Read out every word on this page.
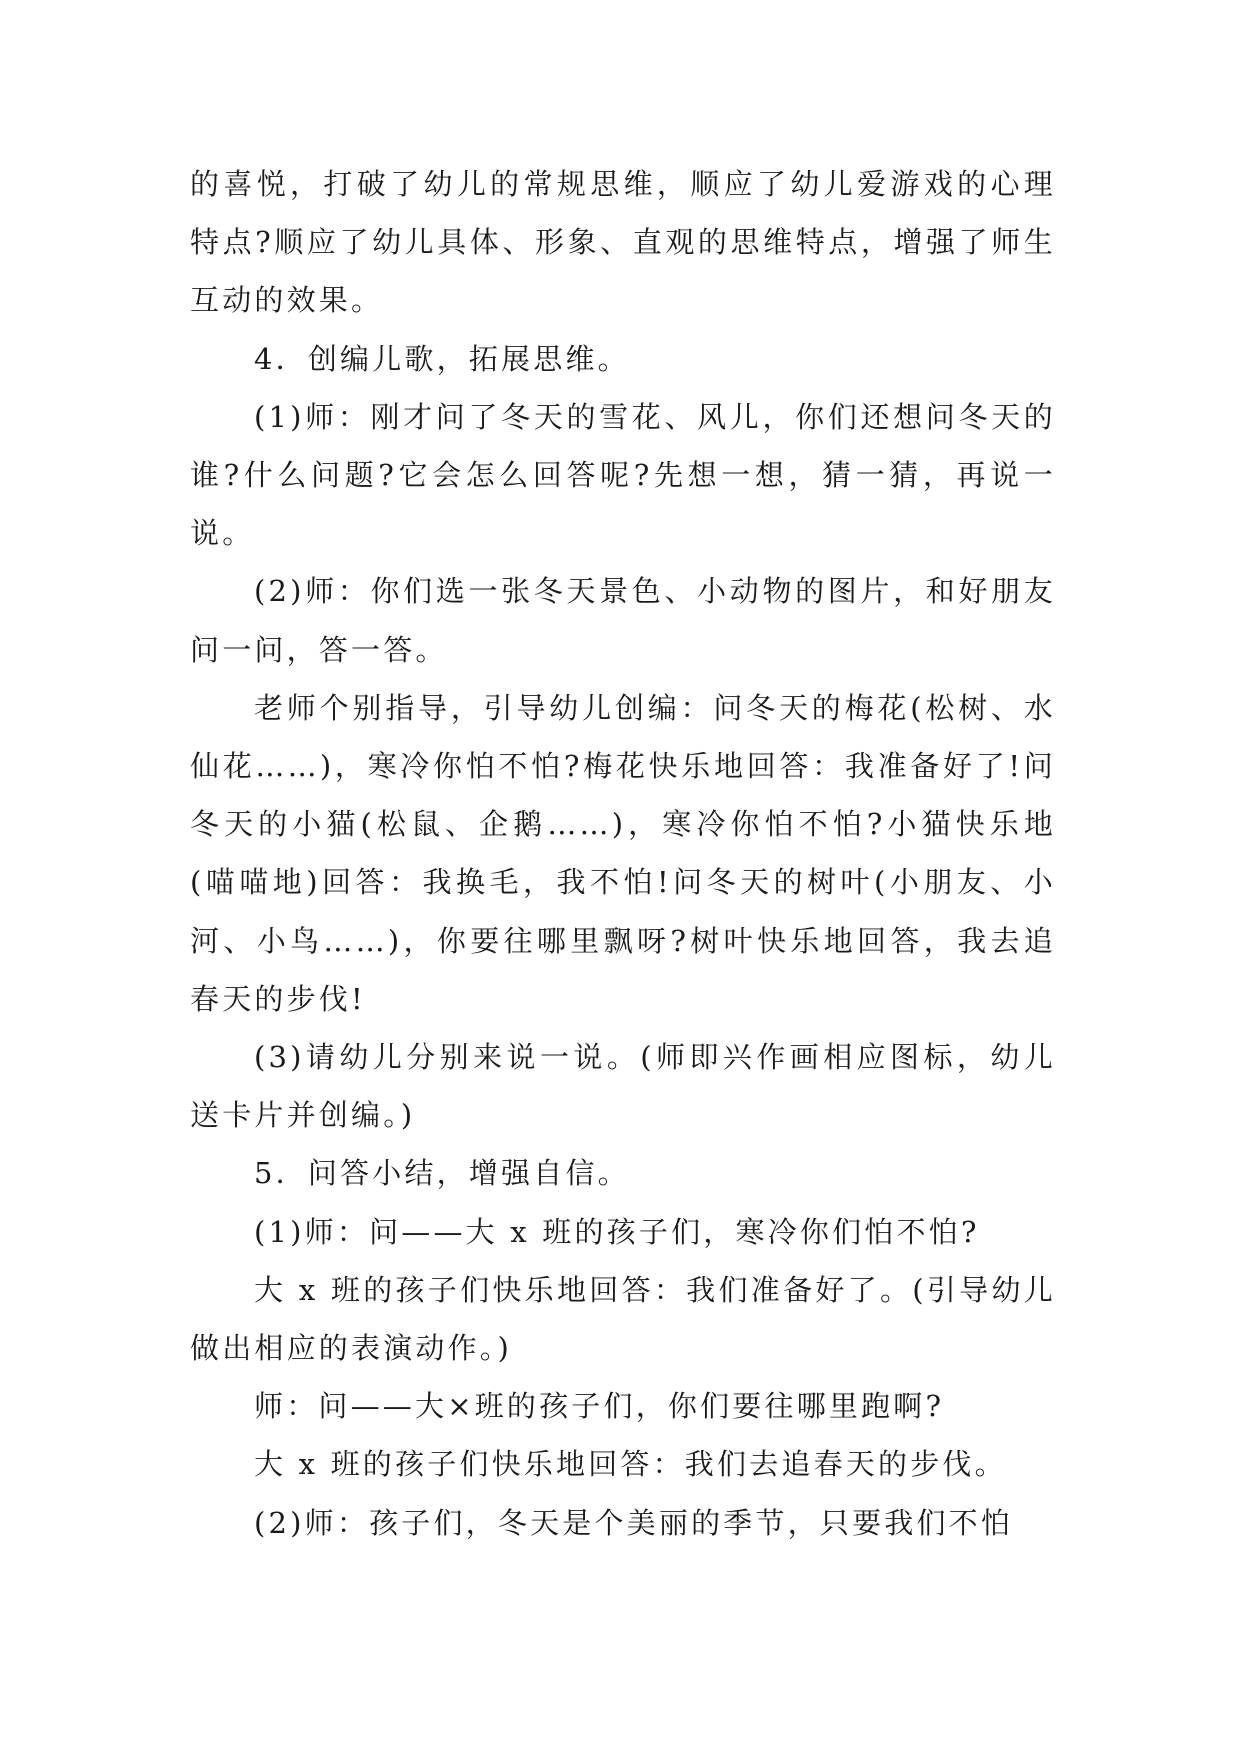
的喜悦，打破了幼儿的常规思维，顺应了幼儿爱游戏的心理特点?顺应了幼儿具体、形象、直观的思维特点，增强了师生互动的效果。

4．创编儿歌，拓展思维。

(1)师：刚才问了冬天的雪花、风儿，你们还想问冬天的谁?什么问题?它会怎么回答呢?先想一想，猜一猜，再说一说。

(2)师：你们选一张冬天景色、小动物的图片，和好朋友问一问，答一答。

老师个别指导，引导幼儿创编：问冬天的梅花(松树、水仙花……)，寒冷你怕不怕?梅花快乐地回答：我准备好了!问冬天的小猫(松鼠、企鹅……)，寒冷你怕不怕?小猫快乐地(喵喵地)回答：我换毛，我不怕!问冬天的树叶(小朋友、小河、小鸟……)，你要往哪里飘呀?树叶快乐地回答，我去追春天的步伐!

(3)请幼儿分别来说一说。(师即兴作画相应图标，幼儿送卡片并创编。)

5．问答小结，增强自信。

(1)师：问——大 x 班的孩子们，寒冷你们怕不怕?

大 x 班的孩子们快乐地回答：我们准备好了。(引导幼儿做出相应的表演动作。)

师：问——大×班的孩子们，你们要往哪里跑啊?

大 x 班的孩子们快乐地回答：我们去追春天的步伐。

(2)师：孩子们，冬天是个美丽的季节，只要我们不怕
